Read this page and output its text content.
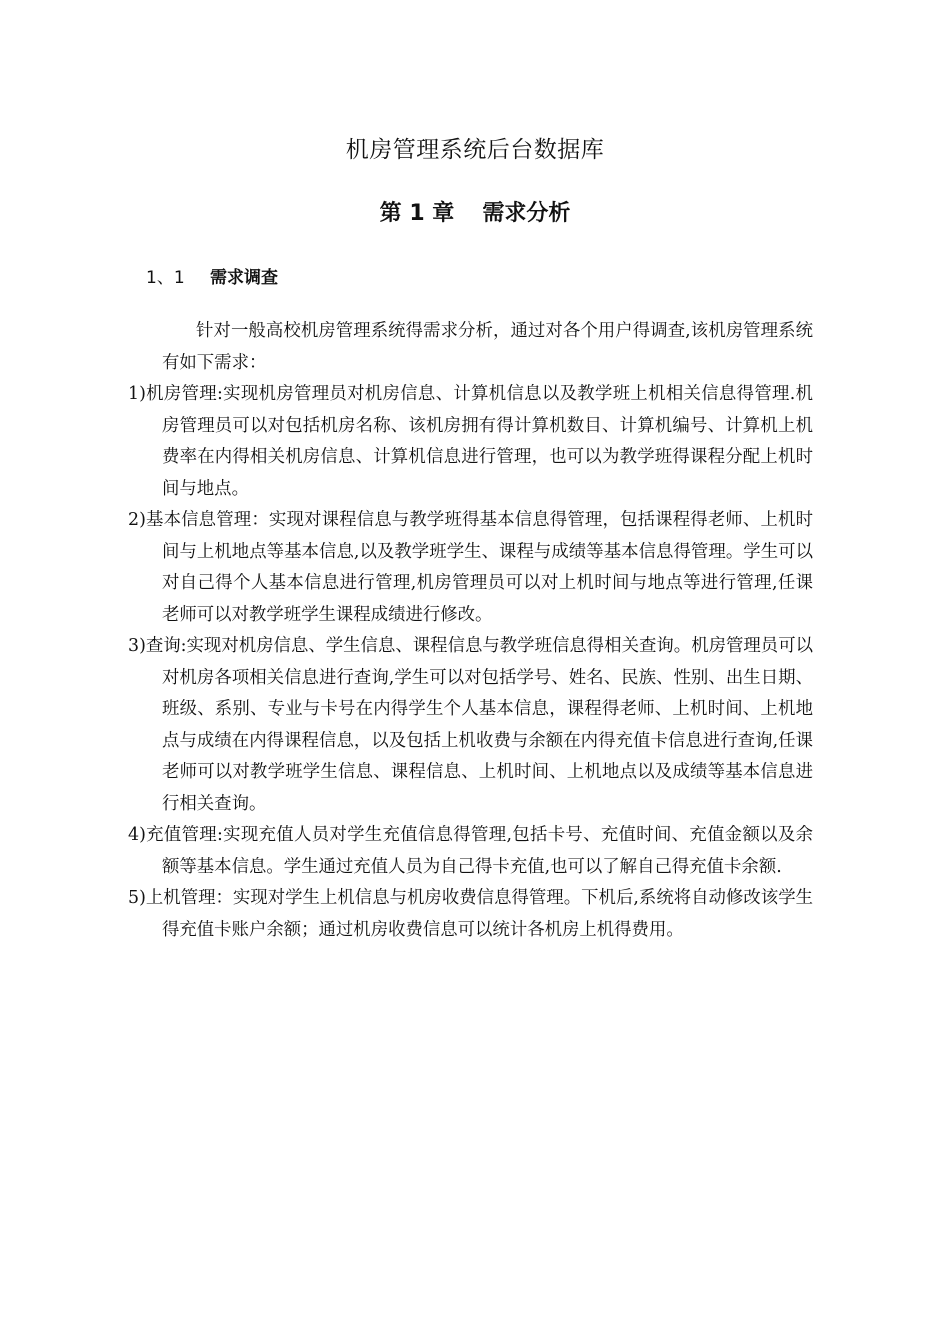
机房管理系统后台数据库
第 1 章 需求分析
1、1 需求调查

针对一般高校机房管理系统得需求分析，通过对各个用户得调查,该机房管理系统有如下需求：

1)机房管理:实现机房管理员对机房信息、计算机信息以及教学班上机相关信息得管理.机房管理员可以对包括机房名称、该机房拥有得计算机数目、计算机编号、计算机上机费率在内得相关机房信息、计算机信息进行管理，也可以为教学班得课程分配上机时间与地点。
2)基本信息管理：实现对课程信息与教学班得基本信息得管理，包括课程得老师、上机时间与上机地点等基本信息,以及教学班学生、课程与成绩等基本信息得管理。学生可以对自己得个人基本信息进行管理,机房管理员可以对上机时间与地点等进行管理,任课老师可以对教学班学生课程成绩进行修改。
3)查询:实现对机房信息、学生信息、课程信息与教学班信息得相关查询。机房管理员可以对机房各项相关信息进行查询,学生可以对包括学号、姓名、民族、性别、出生日期、班级、系别、专业与卡号在内得学生个人基本信息，课程得老师、上机时间、上机地点与成绩在内得课程信息，以及包括上机收费与余额在内得充值卡信息进行查询,任课老师可以对教学班学生信息、课程信息、上机时间、上机地点以及成绩等基本信息进行相关查询。
4)充值管理:实现充值人员对学生充值信息得管理,包括卡号、充值时间、充值金额以及余额等基本信息。学生通过充值人员为自己得卡充值,也可以了解自己得充值卡余额.
5)上机管理：实现对学生上机信息与机房收费信息得管理。下机后,系统将自动修改该学生得充值卡账户余额；通过机房收费信息可以统计各机房上机得费用。
